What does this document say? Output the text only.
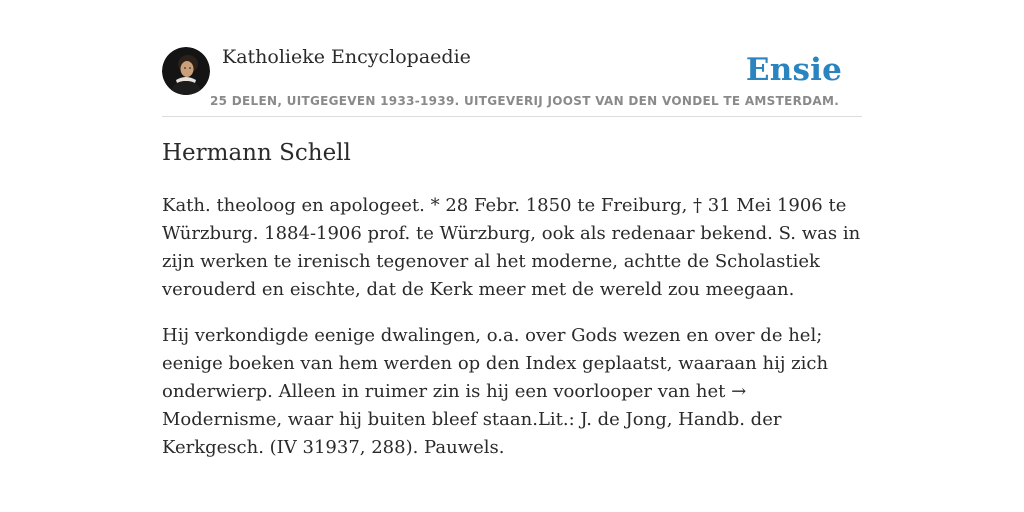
Katholieke Encyclopaedie	Ensie
25 DELEN, UITGEGEVEN 1933-1939. UITGEVERIJ JOOST VAN DEN VONDEL TE AMSTERDAM.
Hermann Schell

Kath. theoloog en apologeet. * 28 Febr. 1850 te Freiburg, † 31 Mei 1906 te Würzburg. 1884-1906 prof. te Würzburg, ook als redenaar bekend. S. was in zijn werken te irenisch tegenover al het moderne, achtte de Scholastiek verouderd en eischte, dat de Kerk meer met de wereld zou meegaan.

Hij verkondigde eenige dwalingen, o.a. over Gods wezen en over de hel; eenige boeken van hem werden op den Index geplaatst, waaraan hij zich onderwierp. Alleen in ruimer zin is hij een voorlooper van het → Modernisme, waar hij buiten bleef staan.Lit.: J. de Jong, Handb. der Kerkgesch. (IV 31937, 288). Pauwels.
